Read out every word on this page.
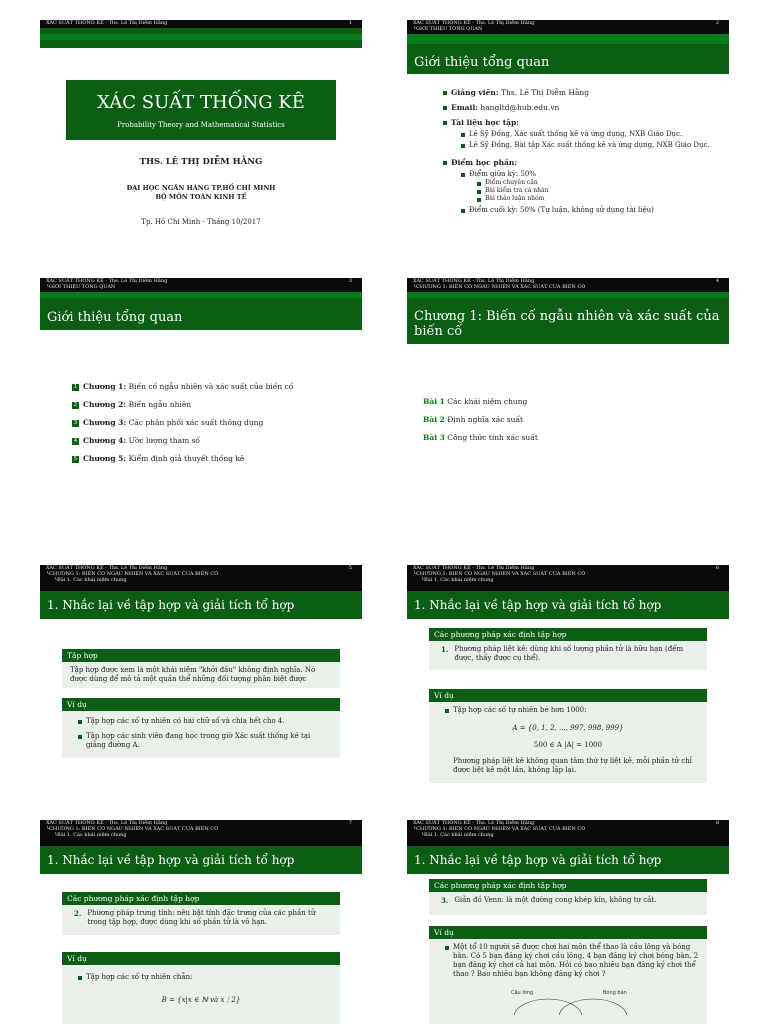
XÁC SUẤT THỐNG KÊ - Ths. Lê Thị Diễm Hằng	1
XÁC SUẤT THỐNG KÊ
Probability Theory and Mathematical Statistics
THS. LÊ THỊ DIỄM HẰNG
ĐẠI HỌC NGÂN HÀNG TP.HỒ CHÍ MINH
BỘ MÔN TOÁN KINH TẾ
Tp. Hồ Chí Minh - Tháng 10/2017
XÁC SUẤT THỐNG KÊ - Ths. Lê Thị Diễm Hằng	2
└GIỚI THIỆU TỔNG QUAN
Giới thiệu tổng quan
Giảng viên: Ths. Lê Thị Diễm Hằng
Email: hangltd@hub.edu.vn
Tài liệu học tập:
Lê Sỹ Đồng, Xác suất thống kê và ứng dụng, NXB Giáo Dục.
Lê Sỹ Đồng, Bài tập Xác suất thống kê và ứng dụng, NXB Giáo Dục.
Điểm học phần:
Điểm giữa kỳ: 50%
Điểm chuyên cần
Bài kiểm tra cá nhân
Bài thảo luận nhóm
Điểm cuối kỳ: 50% (Tự luận, không sử dụng tài liệu)
XÁC SUẤT THỐNG KÊ - Ths. Lê Thị Diễm Hằng	3
└GIỚI THIỆU TỔNG QUAN
Giới thiệu tổng quan
1 Chương 1: Biến cố ngẫu nhiên và xác suất của biến cố
2 Chương 2: Biến ngẫu nhiên
3 Chương 3: Các phân phối xác suất thông dụng
4 Chương 4: Ước lượng tham số
5 Chương 5: Kiểm định giả thuyết thống kê
XÁC SUẤT THỐNG KÊ - Ths. Lê Thị Diễm Hằng	4
└CHƯƠNG 1: BIẾN CỐ NGẪU NHIÊN VÀ XÁC SUẤT CỦA BIẾN CỐ
Chương 1: Biến cố ngẫu nhiên và xác suất của biến cố
Bài 1 Các khái niệm chung
Bài 2 Định nghĩa xác suất
Bài 3 Công thức tính xác suất
XÁC SUẤT THỐNG KÊ - Ths. Lê Thị Diễm Hằng	5
└CHƯƠNG 1: BIẾN CỐ NGẪU NHIÊN VÀ XÁC SUẤT CỦA BIẾN CỐ
└Bài 1. Các khái niệm chung
1. Nhắc lại về tập hợp và giải tích tổ hợp
Tập hợp
Tập hợp được xem là một khái niệm "khởi đầu" không định nghĩa. Nó được dùng để mô tả một quần thể những đối tượng phân biệt được
Ví dụ
Tập hợp các số tự nhiên có hai chữ số và chia hết cho 4.
Tập hợp các sinh viên đang học trong giờ Xác suất thống kê tại giảng đường A.
XÁC SUẤT THỐNG KÊ - Ths. Lê Thị Diễm Hằng	6
└CHƯƠNG 1: BIẾN CỐ NGẪU NHIÊN VÀ XÁC SUẤT CỦA BIẾN CỐ
└Bài 1. Các khái niệm chung
1. Nhắc lại về tập hợp và giải tích tổ hợp
Các phương pháp xác định tập hợp
1. Phương pháp liệt kê: dùng khi số lượng phần tử là hữu hạn (đếm được, thấy được cụ thể).
Ví dụ
Tập hợp các số tự nhiên bé hơn 1000:
A = {0, 1, 2, ..., 997, 998, 999}
500 ∈ A |A| = 1000
Phương pháp liệt kê không quan tâm thứ tự liệt kê, mỗi phần tử chỉ được liệt kê một lần, không lặp lại.
XÁC SUẤT THỐNG KÊ - Ths. Lê Thị Diễm Hằng	7
└CHƯƠNG 1: BIẾN CỐ NGẪU NHIÊN VÀ XÁC SUẤT CỦA BIẾN CỐ
└Bài 1. Các khái niệm chung
1. Nhắc lại về tập hợp và giải tích tổ hợp
Các phương pháp xác định tập hợp
2. Phương pháp trưng tính: nêu bật tính đặc trưng của các phần tử trong tập hợp, được dùng khi số phần tử là vô hạn.
Ví dụ
Tập hợp các số tự nhiên chẵn:
B = {x|x ∈ ℕ và x⋮2}
XÁC SUẤT THỐNG KÊ - Ths. Lê Thị Diễm Hằng	8
└CHƯƠNG 1: BIẾN CỐ NGẪU NHIÊN VÀ XÁC SUẤT CỦA BIẾN CỐ
└Bài 1. Các khái niệm chung
1. Nhắc lại về tập hợp và giải tích tổ hợp
Các phương pháp xác định tập hợp
3. Giản đồ Venn: là một đường cong khép kín, không tự cắt.
Ví dụ
Một tổ 10 người sẽ được chơi hai môn thể thao là cầu lông và bóng bàn. Có 5 bạn đăng ký chơi cầu lông, 4 bạn đăng ký chơi bóng bàn, 2 bạn đăng ký chơi cả hai môn. Hỏi có bao nhiêu bạn đăng ký chơi thể thao ? Bao nhiêu bạn không đăng ký chơi ?
Cầu lông	Bóng bàn
